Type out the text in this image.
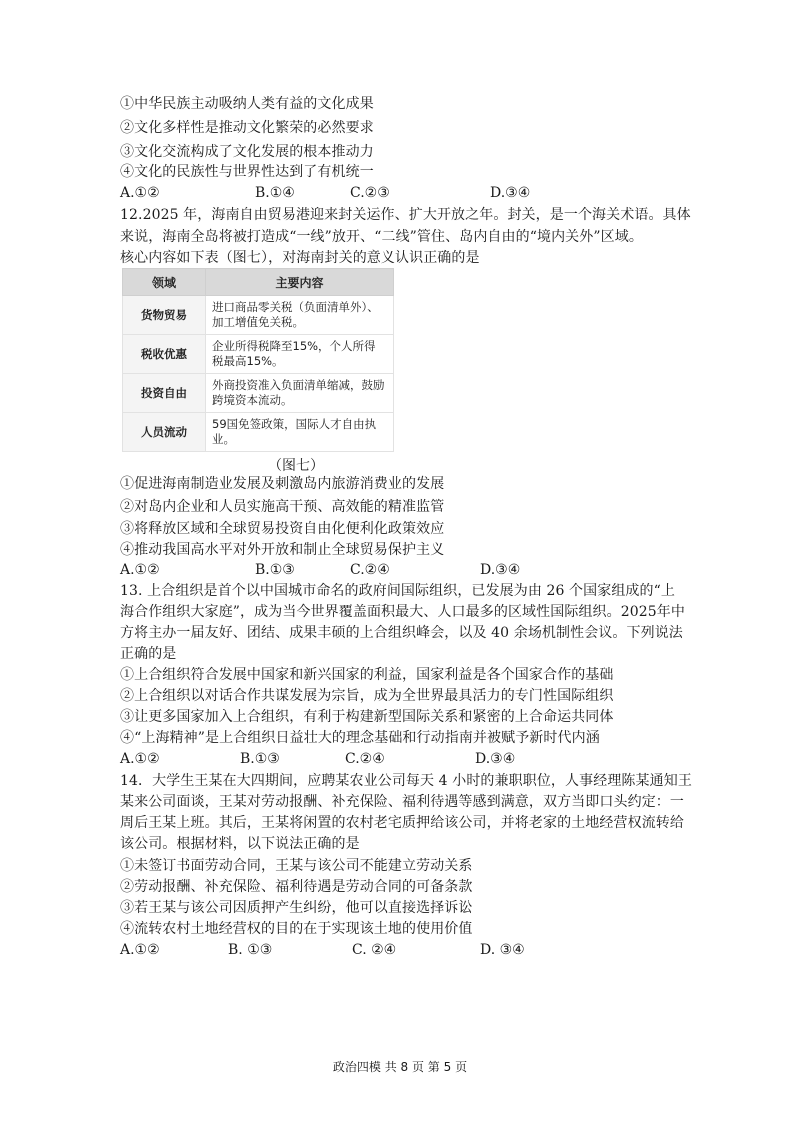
①中华民族主动吸纳人类有益的文化成果
②文化多样性是推动文化繁荣的必然要求
③文化交流构成了文化发展的根本推动力
④文化的民族性与世界性达到了有机统一
A.①②	B.①④	C.②③	D.③④
12.2025 年，海南自由贸易港迎来封关运作、扩大开放之年。封关，是一个海关术语。具体
来说，海南全岛将被打造成“一线”放开、“二线”管住、岛内自由的“境内关外”区域。
核心内容如下表（图七），对海南封关的意义认识正确的是
领域	主要内容
货物贸易	进口商品零关税（负面清单外）、加工增值免关税。
税收优惠	企业所得税降至15%，个人所得税最高15%。
投资自由	外商投资准入负面清单缩减，鼓励跨境资本流动。
人员流动	59国免签政策，国际人才自由执业。
（图七）
①促进海南制造业发展及刺激岛内旅游消费业的发展
②对岛内企业和人员实施高干预、高效能的精准监管
③将释放区域和全球贸易投资自由化便利化政策效应
④推动我国高水平对外开放和制止全球贸易保护主义
A.①②	B.①③	C.②④	D.③④
13. 上合组织是首个以中国城市命名的政府间国际组织，已发展为由 26 个国家组成的“上
海合作组织大家庭”，成为当今世界覆盖面积最大、人口最多的区域性国际组织。2025年中
方将主办一届友好、团结、成果丰硕的上合组织峰会，以及 40 余场机制性会议。下列说法
正确的是
①上合组织符合发展中国家和新兴国家的利益，国家利益是各个国家合作的基础
②上合组织以对话合作共谋发展为宗旨，成为全世界最具活力的专门性国际组织
③让更多国家加入上合组织，有利于构建新型国际关系和紧密的上合命运共同体
④“上海精神”是上合组织日益壮大的理念基础和行动指南并被赋予新时代内涵
A.①②	B.①③	C.②④	D.③④
14．大学生王某在大四期间，应聘某农业公司每天 4 小时的兼职职位，人事经理陈某通知王
某来公司面谈，王某对劳动报酬、补充保险、福利待遇等感到满意，双方当即口头约定：一
周后王某上班。其后，王某将闲置的农村老宅质押给该公司，并将老家的土地经营权流转给
该公司。根据材料，以下说法正确的是
①未签订书面劳动合同，王某与该公司不能建立劳动关系
②劳动报酬、补充保险、福利待遇是劳动合同的可备条款
③若王某与该公司因质押产生纠纷，他可以直接选择诉讼
④流转农村土地经营权的目的在于实现该土地的使用价值
A.①②	B. ①③	C. ②④	D. ③④
政治四模 共 8 页 第 5 页
